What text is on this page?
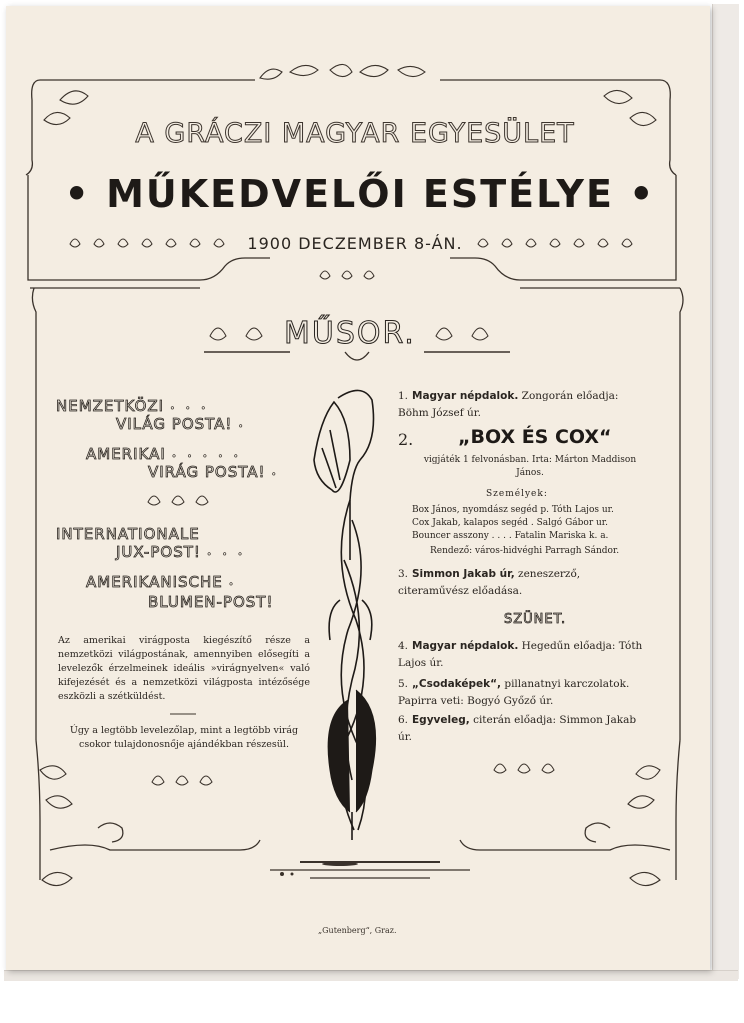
A GRÁCZI MAGYAR EGYESÜLET
• MŰKEDVELŐI ESTÉLYE •
1900 DECZEMBER 8-ÁN.
MŰSOR.
NEMZETKÖZI ∘ ∘ ∘
VILÁG POSTA! ∘
AMERIKAI ∘ ∘ ∘ ∘ ∘
VIRÁG POSTA! ∘
INTERNATIONALE
JUX-POST! ∘ ∘ ∘
AMERIKANISCHE ∘
BLUMEN-POST!
Az amerikai virágposta kiegészítő része a nemzetközi világpostának, amennyiben elősegíti a levelezők érzelmeinek ideális »virágnyelven« való kifejezését és a nemzetközi világposta intézősége eszközli a szétküldést.
Úgy a legtöbb levelezőlap, mint a legtöbb virág csokor tulajdonosnője ajándékban részesül.
1. Magyar népdalok. Zongorán előadja: Böhm József úr.
2. „BOX ÉS COX“
vigjáték 1 felvonásban. Irta: Márton Maddison János.
Személyek:
Box János, nyomdász segéd p. Tóth Lajos ur.
Cox Jakab, kalapos segéd . Salgó Gábor ur.
Bouncer asszony . . . . Fatalin Mariska k. a.
Rendező: város-hidvéghi Parragh Sándor.
3. Simmon Jakab úr, zeneszerző, citeraművész előadása.
SZÜNET.
4. Magyar népdalok. Hegedűn előadja: Tóth Lajos úr.
5. „Csodaképek“, pillanatnyi karczolatok. Papirra veti: Bogyó Győző úr.
6. Egyveleg, citerán előadja: Simmon Jakab úr.
„Gutenberg“, Graz.
